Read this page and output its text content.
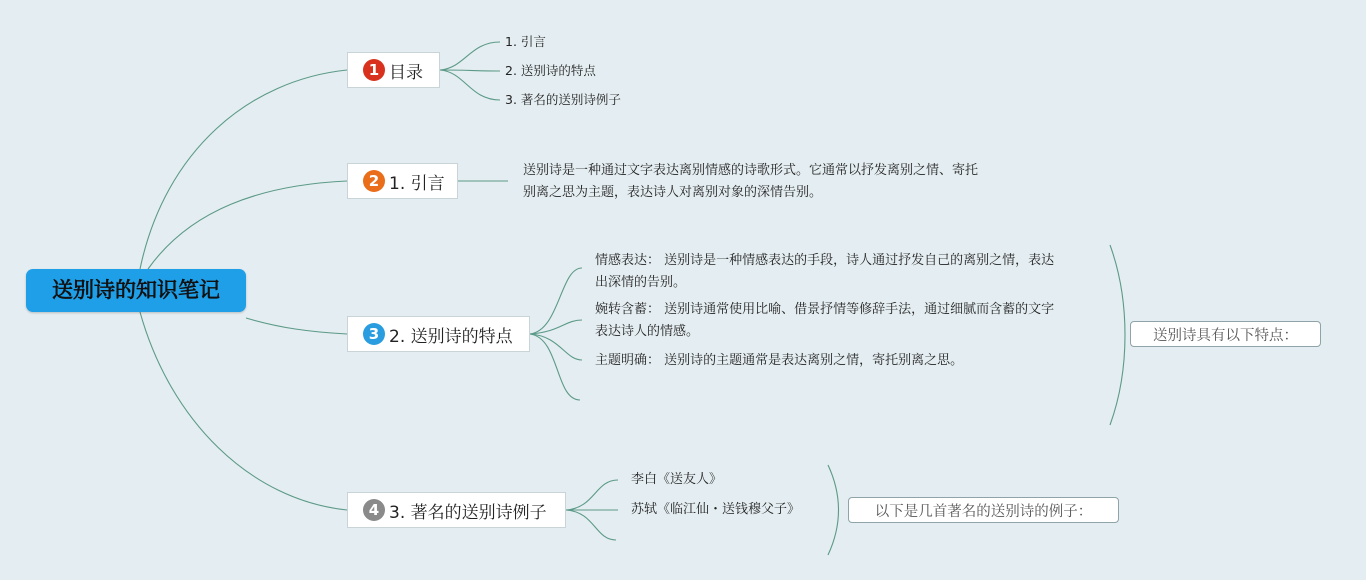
送别诗的知识笔记
1 目录
2 1. 引言
3 2. 送别诗的特点
4 3. 著名的送别诗例子
1. 引言
2. 送别诗的特点
3. 著名的送别诗例子
送别诗是一种通过文字表达离别情感的诗歌形式。它通常以抒发离别之情、寄托
别离之思为主题，表达诗人对离别对象的深情告别。
情感表达： 送别诗是一种情感表达的手段，诗人通过抒发自己的离别之情，表达
出深情的告别。
婉转含蓄： 送别诗通常使用比喻、借景抒情等修辞手法，通过细腻而含蓄的文字
表达诗人的情感。
主题明确： 送别诗的主题通常是表达离别之情，寄托别离之思。
送别诗具有以下特点：
李白《送友人》
苏轼《临江仙・送钱穆父子》	以下是几首著名的送别诗的例子：
